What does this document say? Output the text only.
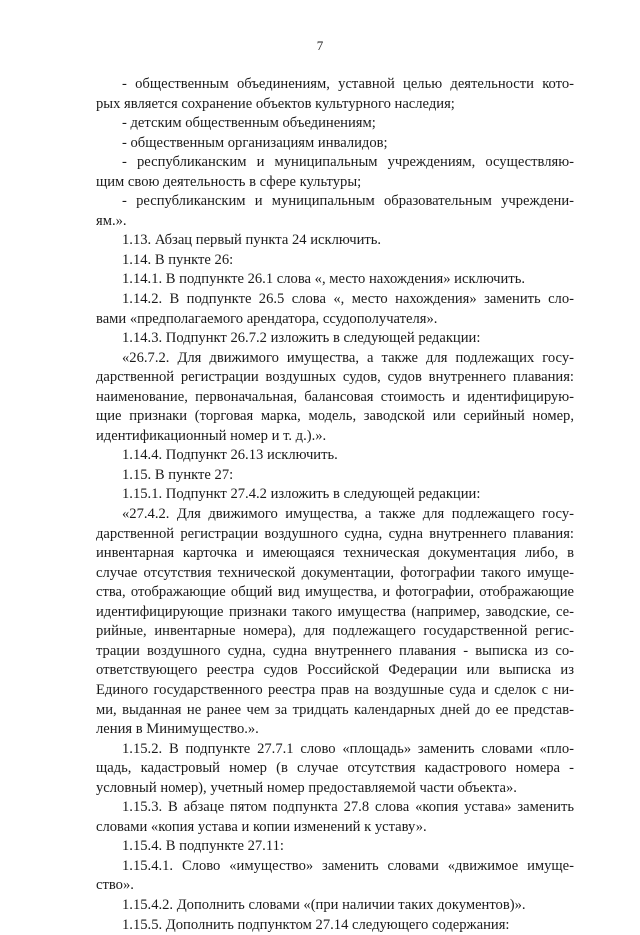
7
- общественным объединениям, уставной целью деятельности кото-
рых является сохранение объектов культурного наследия;
- детским общественным объединениям;
- общественным организациям инвалидов;
- республиканским и муниципальным учреждениям, осуществляю-
щим свою деятельность в сфере культуры;
- республиканским и муниципальным образовательным учреждени-
ям.».
1.13. Абзац первый пункта 24 исключить.
1.14. В пункте 26:
1.14.1. В подпункте 26.1 слова «, место нахождения» исключить.
1.14.2. В подпункте 26.5 слова «, место нахождения» заменить сло-
вами «предполагаемого арендатора, ссудополучателя».
1.14.3. Подпункт 26.7.2 изложить в следующей редакции:
«26.7.2. Для движимого имущества, а также для подлежащих госу-
дарственной регистрации воздушных судов, судов внутреннего плавания:
наименование, первоначальная, балансовая стоимость и идентифицирую-
щие признаки (торговая марка, модель, заводской или серийный номер,
идентификационный номер и т. д.).».
1.14.4. Подпункт 26.13 исключить.
1.15. В пункте 27:
1.15.1. Подпункт 27.4.2 изложить в следующей редакции:
«27.4.2. Для движимого имущества, а также для подлежащего госу-
дарственной регистрации воздушного судна, судна внутреннего плавания:
инвентарная карточка и имеющаяся техническая документация либо, в
случае отсутствия технической документации, фотографии такого имуще-
ства, отображающие общий вид имущества, и фотографии, отображающие
идентифицирующие признаки такого имущества (например, заводские, се-
рийные, инвентарные номера), для подлежащего государственной регис-
трации воздушного судна, судна внутреннего плавания - выписка из со-
ответствующего реестра судов Российской Федерации или выписка из
Единого государственного реестра прав на воздушные суда и сделок с ни-
ми, выданная не ранее чем за тридцать календарных дней до ее представ-
ления в Минимущество.».
1.15.2. В подпункте 27.7.1 слово «площадь» заменить словами «пло-
щадь, кадастровый номер (в случае отсутствия кадастрового номера -
условный номер), учетный номер предоставляемой части объекта».
1.15.3. В абзаце пятом подпункта 27.8 слова «копия устава» заменить
словами «копия устава и копии изменений к уставу».
1.15.4. В подпункте 27.11:
1.15.4.1. Слово «имущество» заменить словами «движимое имуще-
ство».
1.15.4.2. Дополнить словами «(при наличии таких документов)».
1.15.5. Дополнить подпунктом 27.14 следующего содержания:
